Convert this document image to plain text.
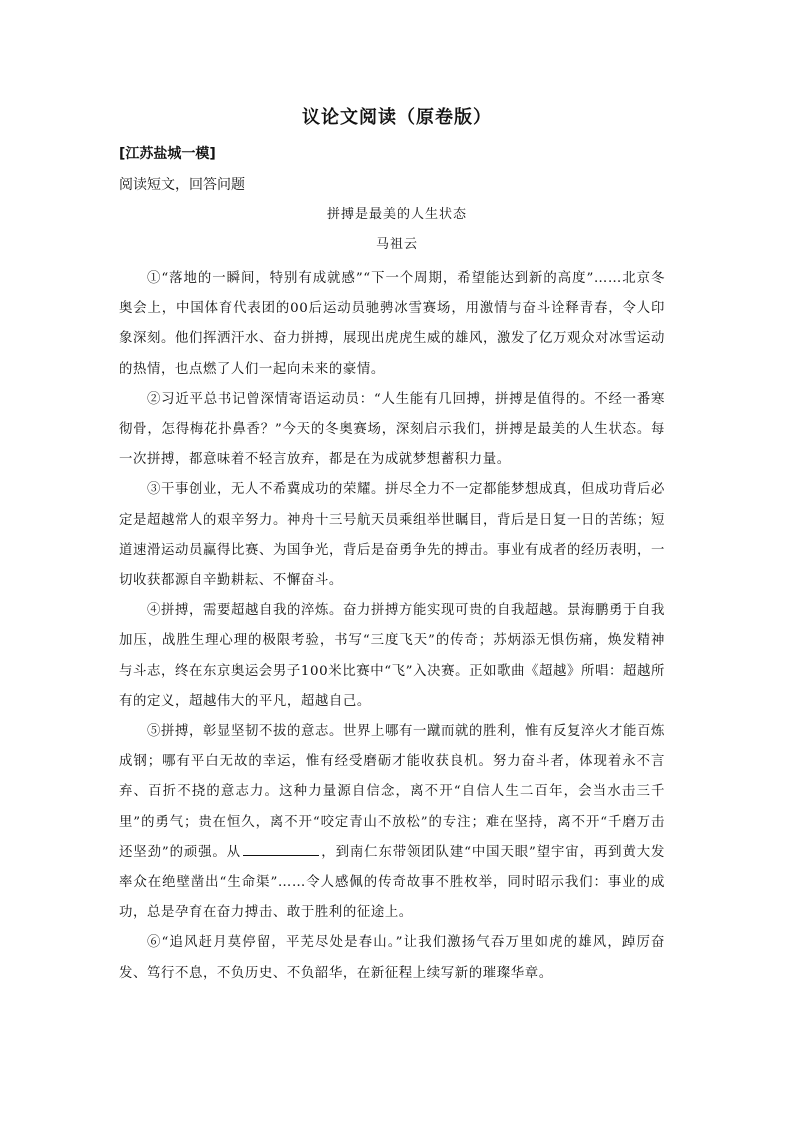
议论文阅读（原卷版）
[江苏盐城一模]
阅读短文，回答问题
拼搏是最美的人生状态
马祖云

①“落地的一瞬间，特别有成就感”“下一个周期，希望能达到新的高度”……北京冬奥会上，中国体育代表团的00后运动员驰骋冰雪赛场，用激情与奋斗诠释青春，令人印象深刻。他们挥洒汗水、奋力拼搏，展现出虎虎生威的雄风，激发了亿万观众对冰雪运动的热情，也点燃了人们一起向未来的豪情。

②习近平总书记曾深情寄语运动员：“人生能有几回搏，拼搏是值得的。不经一番寒彻骨，怎得梅花扑鼻香？”今天的冬奥赛场，深刻启示我们，拼搏是最美的人生状态。每一次拼搏，都意味着不轻言放弃，都是在为成就梦想蓄积力量。

③干事创业，无人不希冀成功的荣耀。拼尽全力不一定都能梦想成真，但成功背后必定是超越常人的艰辛努力。神舟十三号航天员乘组举世瞩目，背后是日复一日的苦练；短道速滑运动员赢得比赛、为国争光，背后是奋勇争先的搏击。事业有成者的经历表明，一切收获都源自辛勤耕耘、不懈奋斗。

④拼搏，需要超越自我的淬炼。奋力拼搏方能实现可贵的自我超越。景海鹏勇于自我加压，战胜生理心理的极限考验，书写“三度飞天”的传奇；苏炳添无惧伤痛，焕发精神与斗志，终在东京奥运会男子100米比赛中“飞”入决赛。正如歌曲《超越》所唱：超越所有的定义，超越伟大的平凡，超越自己。

⑤拼搏，彰显坚韧不拔的意志。世界上哪有一蹴而就的胜利，惟有反复淬火才能百炼成钢；哪有平白无故的幸运，惟有经受磨砺才能收获良机。努力奋斗者，体现着永不言弃、百折不挠的意志力。这种力量源自信念，离不开“自信人生二百年，会当水击三千里”的勇气；贵在恒久，离不开“咬定青山不放松”的专注；难在坚持，离不开“千磨万击还坚劲”的顽强。从	，到南仁东带领团队建“中国天眼”望宇宙，再到黄大发率众在绝壁凿出“生命渠”……令人感佩的传奇故事不胜枚举，同时昭示我们：事业的成功，总是孕育在奋力搏击、敢于胜利的征途上。

⑥“追风赶月莫停留，平芜尽处是春山。”让我们激扬气吞万里如虎的雄风，踔厉奋发、笃行不息，不负历史、不负韶华，在新征程上续写新的璀璨华章。
